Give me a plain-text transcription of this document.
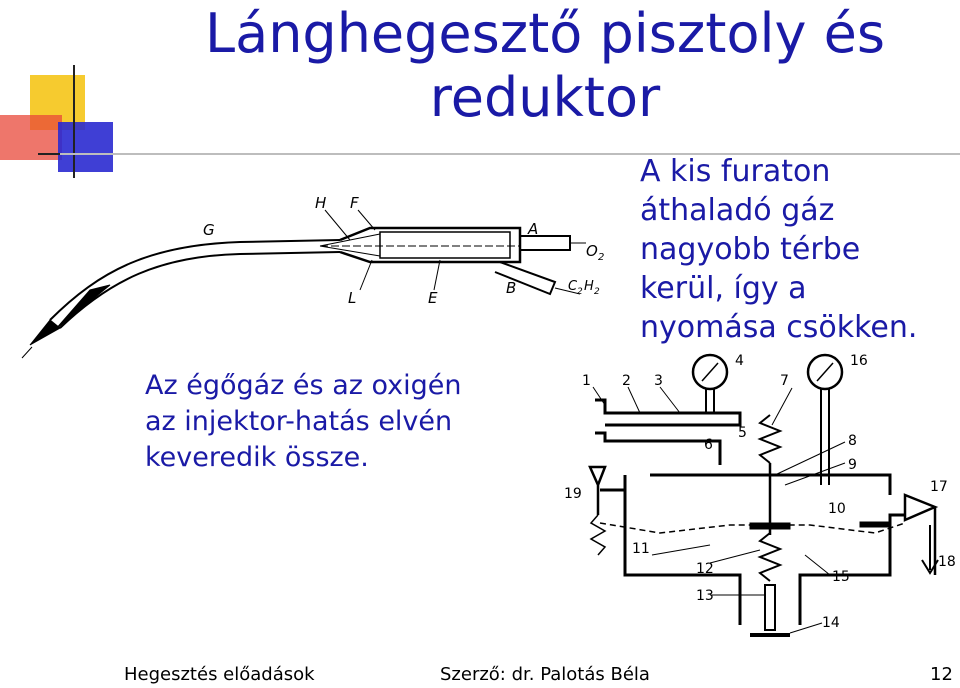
Lánghegesztő pisztoly és
reduktor
G
H F
A
O 2
L	E
B	C 2 H 2
A kis furaton
áthaladó gáz
nagyobb térbe
kerül, így a
nyomása csökken.
Az égőgáz és az oxigén
az injektor-hatás elvén
keveredik össze.
1 2 3
4
5
6
7
8
9
10
11
12
13
14
15
16
17
18
19
Hegesztés előadások	Szerző: dr. Palotás Béla	12
